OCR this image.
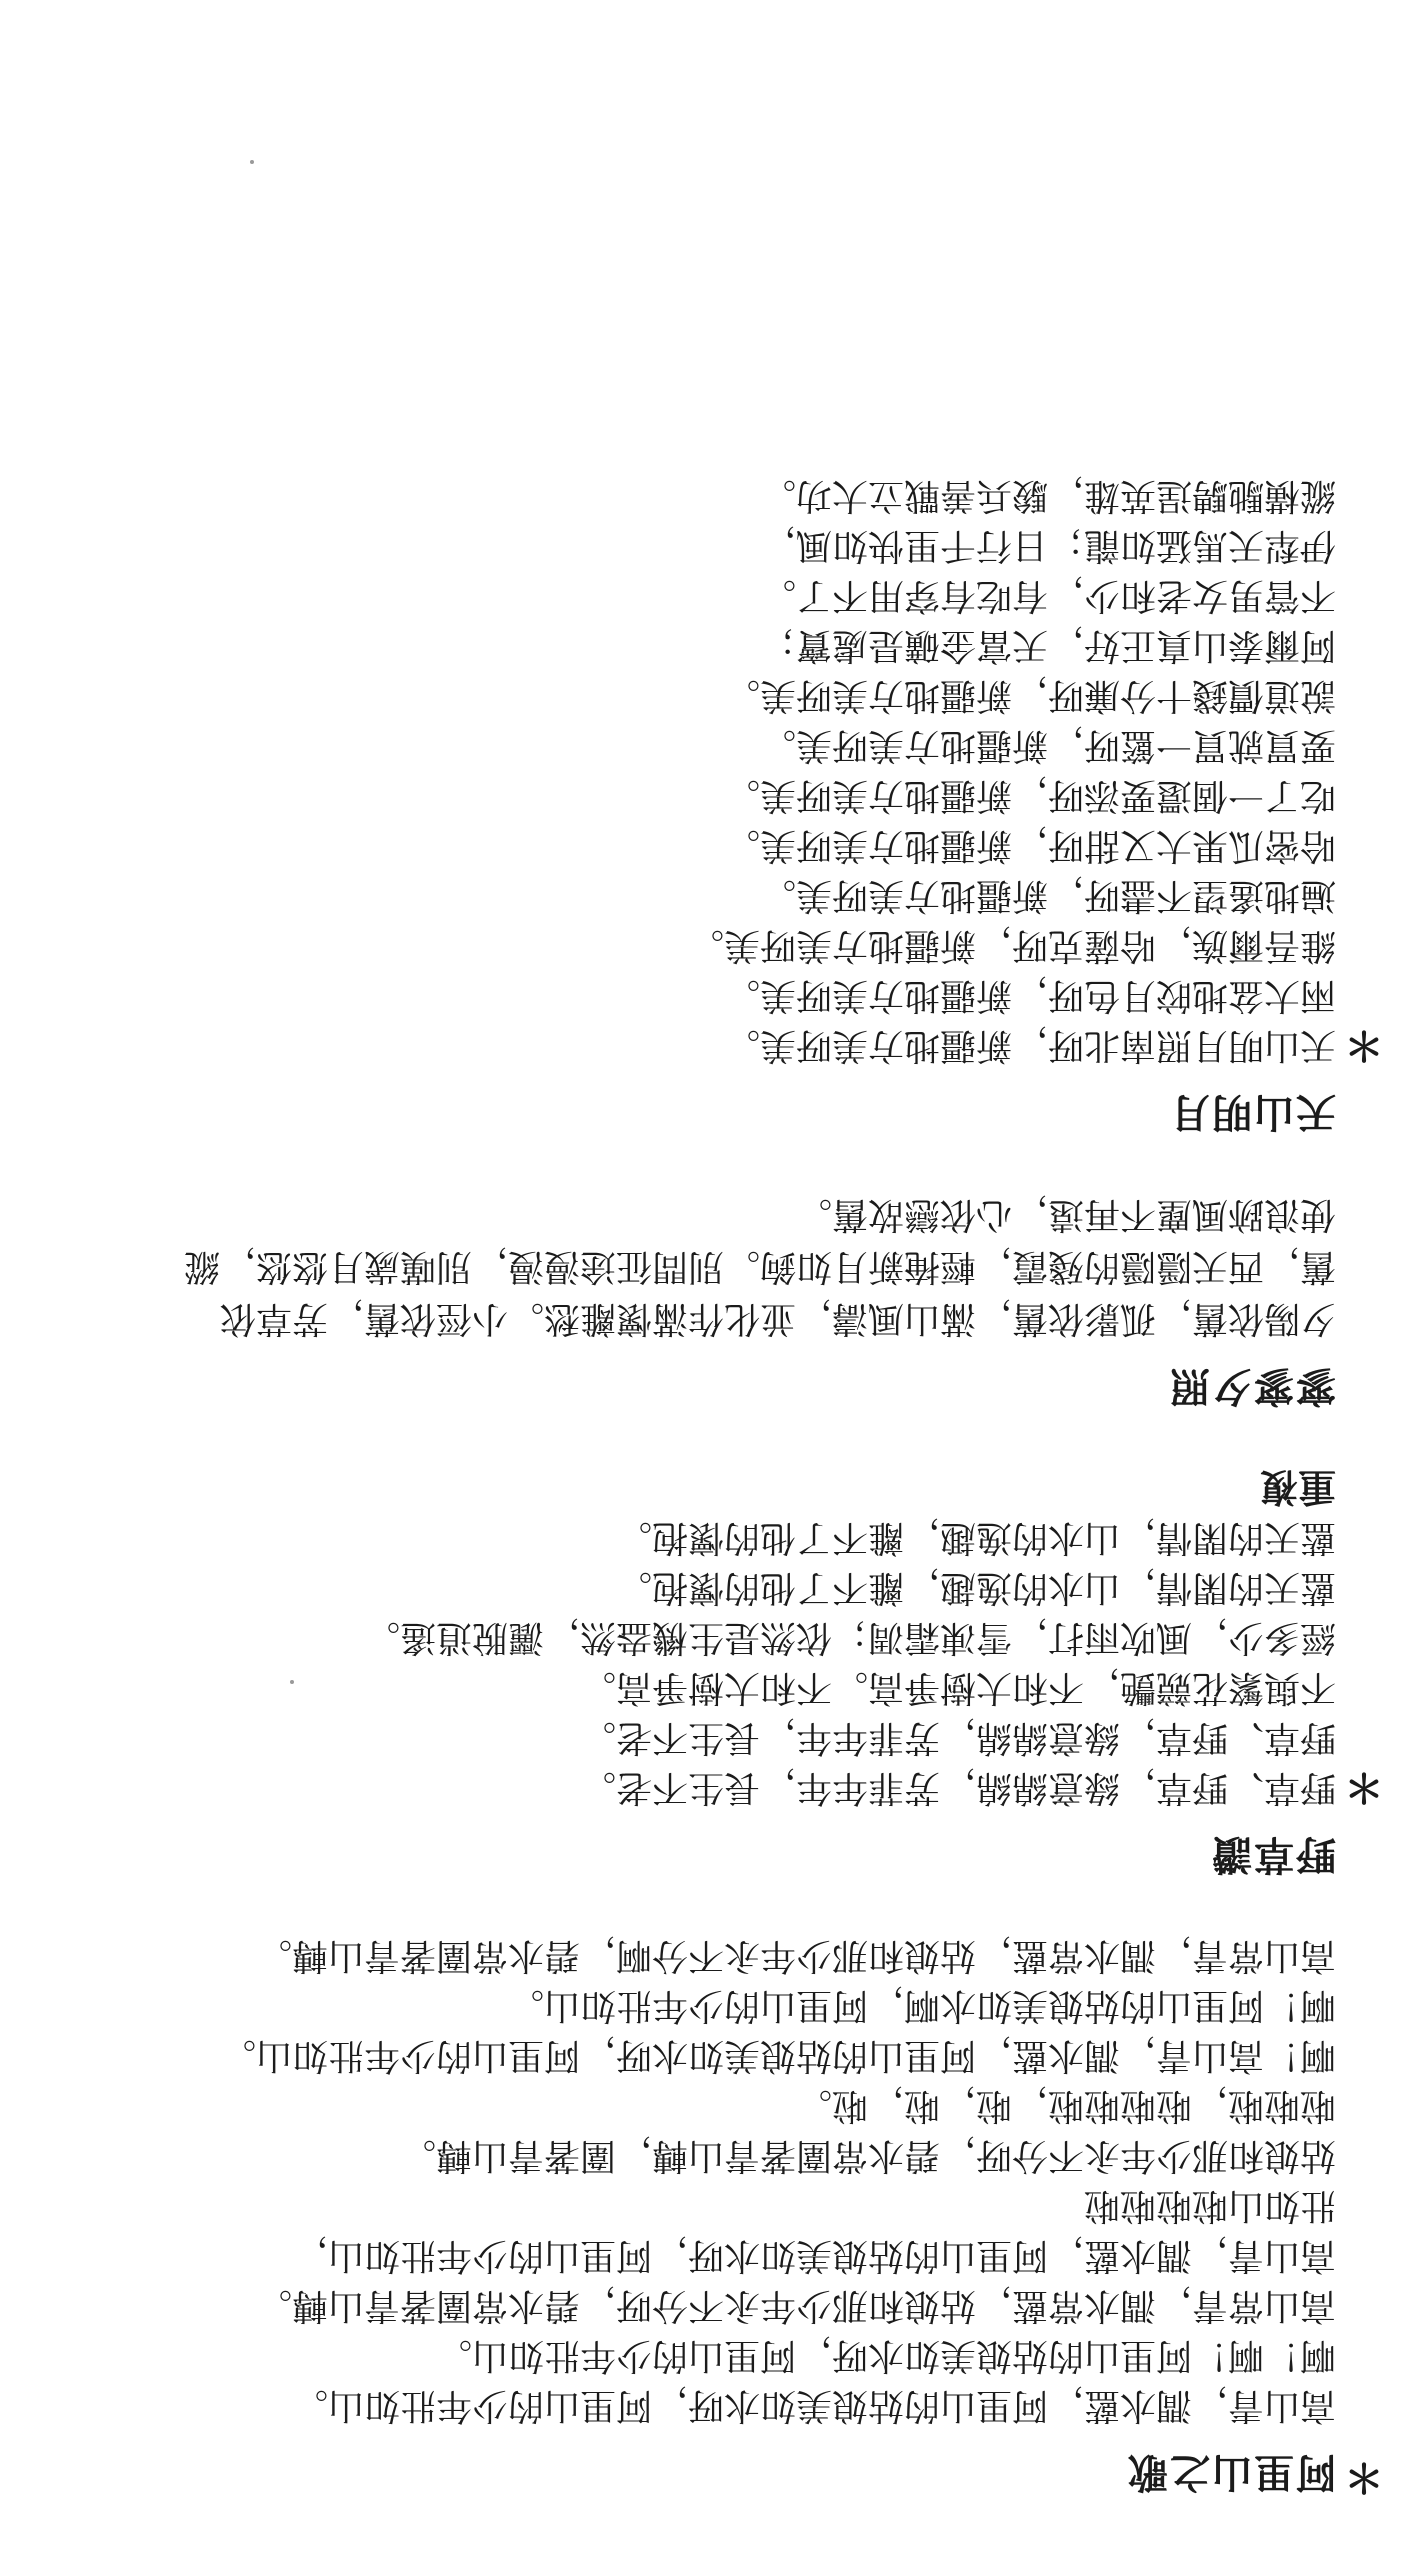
阿里山之歌

高山青，澗水藍，阿里山的姑娘美如水呀，阿里山的少年壯如山。

啊！啊！阿里山的姑娘美如水呀，阿里山的少年壯如山。

高山常青，澗水常藍，姑娘和那少年永不分呀，碧水常圍著青山轉。

高山青，澗水藍，阿里山的姑娘美如水呀，阿里山的少年壯如山，

壯如山啦啦啦啦

姑娘和那少年永不分呀，碧水常圍著青山轉，圍著青山轉。

啦啦啦，啦啦啦啦，啦，啦，啦。

啊！高山青，澗水藍，阿里山的姑娘美如水呀，阿里山的少年壯如山。

啊！阿里山的姑娘美如水啊，阿里山的少年壯如山。

高山常青，澗水常藍，姑娘和那少年永不分啊，碧水常圍著青山轉。

野草讚

＊
野草、野草，綠意綿綿，芳菲年年，長生不老。

野草、野草，綠意綿綿，芳菲年年，長生不老。

不與繁花競艷，不和大樹爭高。不和大樹爭高。

經多少，風吹雨打，雪凍霜凋；依然是生機盎然，灑脫逍遙。

藍天的閑情，山水的逸趣，離不了他的懷抱。

藍天的閑情，山水的逸趣，離不了他的懷抱。

＊
重複

寥寥夕照

夕陽依舊，孤影依舊，滿山風濤，並化作滿懷離愁。小徑依舊，芳草依舊，西天隱隱的殘霞，輕掩新月如鉤。別問征途漫漫，別嘆歲月悠悠，縱使浪跡風塵不再遠，心依戀故舊。

天山明月

＊
天山明月照南北呀，新疆地方美呀美。

兩大盆地皎月色呀，新疆地方美呀美。

維吾爾族，哈薩克呀，新疆地方美呀美。

遍地遙望不盡呀，新疆地方美呀美。

哈密瓜果大又甜呀，新疆地方美呀美。

吃了一個還要添呀，新疆地方美呀美。

要買就買一籃呀，新疆地方美呀美。

說道價錢十分廉呀，新疆地方美呀美。

阿爾泰山真正好，天富金礦是處寶；

不管男女老和少，有吃有穿用不了。

伊犁天馬猛如龍；日行千里快如風，

縱橫馳騁逞英雄，駿兵善戰立大功。
